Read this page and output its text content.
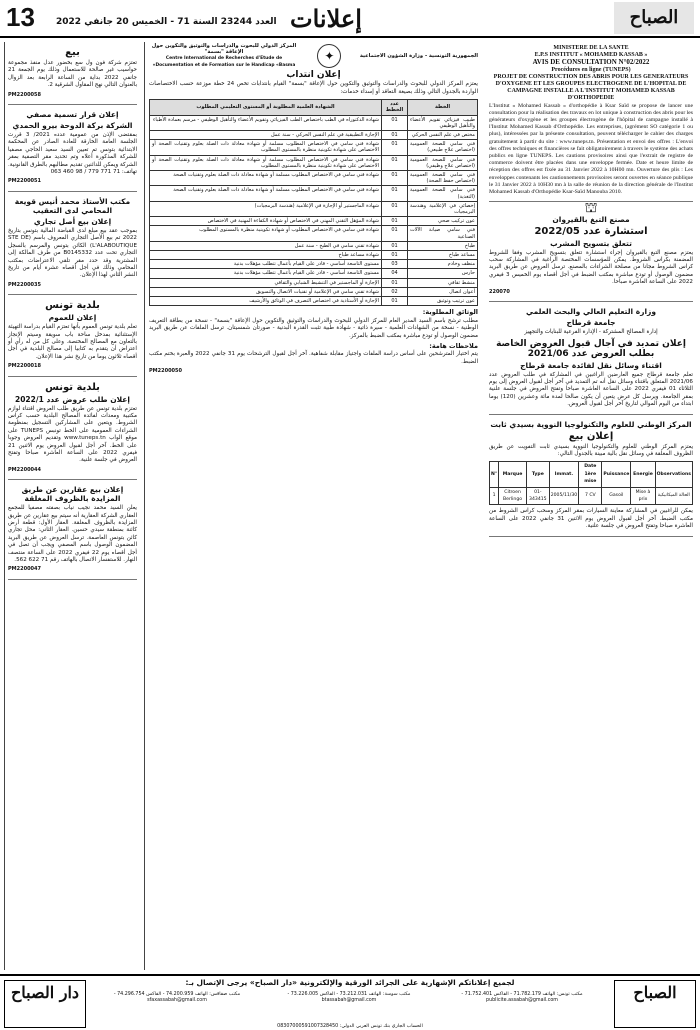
13 العدد 23244 السنة 71 - الخميس 20 جانفي 2022 إعلانات	الصباح
بيع

تعتزم شركة فون ول سع بخضور عدل منفذ مجموعة حواسيب غير صالحة للاستعمال وذلك يوم الجمعة 21 جانفي 2022 بداية من الساعة الرابعة بعد الزوال بالعنوان التالي نهج المقاول الشرقية 2.

PM2200058
إعلان قرار تسمية مصفي
الشركة بركة الدوحة بيرو الحمدي

بمقتضى الإذن من عمومية عدده 2021/ 3 قررت الجلسة العامة الخارقة للعادة الصادر عن المحكمة الابتدائية بتونس تم تعيين السيد سعيد الحاجي مصفيا للشركة المذكورة أعلاه وتم تحديد مقر التصفية بمقر الشركة ويمكن للدائنين تقديم مطالبهم بالطرق القانونية. تهاتف: 71 771 779 / 98 460 063

PM2200051
مكتب الأستاذ محمد أنيس قويعة المحامي لدى التعقيب
إعلان بيع أصل تجاري

بموجب عقد بيع مبلغ لدى القباضة المالية بتونس بتاريخ 2022 تم بيع الأصل التجاري المعروف باسم (STE DE L'ALABOUTIQUE) الكائن بتونس والمرسم بالسجل التجاري تحت عدد B0145332 من طرف المالكة إلى المشترية وقد حدد مقر تلقي الاعتراضات بمكتب المحامي وذلك في أجل أقصاه عشرة أيام من تاريخ النشر الثاني لهذا الإعلان.

PM2200035
بلدية تونس
إعلان للعموم

تعلم بلدية تونس العموم بأنها تعتزم القيام بدراسة التهيئة الإستثنائية بمدخل ساحة باب سويقة وسيتم الإنجاز بالتعاون مع المصالح المختصة. وعلى كل من له رأي أو اعتراض أن يتقدم به كتابيا إلى مصالح البلدية في أجل أقصاه ثلاثون يوما من تاريخ نشر هذا الإعلان.

PM2200018
بلدية تونس
إعلان طلب عروض عدد 2022/1

تعتزم بلدية تونس عن طريق طلب العروض اقتناء لوازم مكتبية ومعدات لفائدة المصالح البلدية حسب كراس الشروط. ويتعين على المشاركين التسجيل بمنظومة الشراءات العمومية على الخط تونبس TUNEPS على موقع الواب www.tuneps.tn وتقديم العروض وجوبا على الخط. آخر أجل لقبول العروض يوم الاثنين 21 فيفري 2022 على الساعة العاشرة صباحا وتفتح العروض في جلسة علنية.

PM2200044
إعلان بيع عقارين عن طريق المزايدة بالظروف المغلقة

يعلن السيد محمد نجيب نياب بصفته مصفيا للمجمع العقاري الشركة العقارية أنه سيتم بيع عقارين عن طريق المزايدة بالظروف المغلقة. العقار الأول: قطعة أرض كائنة بمنطقة سيدي حسين. العقار الثاني: محل تجاري كائن بتونس العاصمة. ترسل العروض عن طريق البريد المضمون الوصول باسم المصفي ويجب أن تصل في أجل أقصاه يوم 22 فيفري 2022 على الساعة منتصف النهار. للاستفسار الاتصال بالهاتف رقم 71 622 562.

PM2200047
الجمهورية التونسية - وزارة الشؤون الاجتماعية
✦
المركز الدولي للبحوث والدراسات والتوثيق والتكوين حول الإعاقة "بسمة"
Centre International de Recherches d'Etude de Documentation et de Formation sur le Handicap «Basma»
إعلان انتداب

يعتزم المركز الدولي للبحوث والدراسات والتوثيق والتكوين حول الإعاقة "بسمة" القيام بانتدابات تخص 24 خطة موزعة حسب الاختصاصات الواردة بالجدول التالي وذلك بصيغة التعاقد أو إسداء خدمات:

الخطة	عدد الخطط	الشهادة العلمية المطلوبة أو المستوى التعليمي المطلوب
طبيب فيزيائي تقويم الأعضاء والتأهيل الوظيفي	01	شهادة الدكتوراه في الطب باختصاص الطب الفيزيائي وتقويم الأعضاء والتأهيل الوظيفي - مرسم بعمادة الأطباء
مختص في علم النفس الحركي	01	الإجازة التطبيقية في علم النفس الحركي - سنة عمل
فني سامي للصحة العمومية (اختصاص علاج طبيعي)	01	شهادة فني سامي في الاختصاص المطلوب مسلمة أو شهادة معادلة ذات الصلة بعلوم وتقنيات الصحة أو الاختصاص على شهادة تكوينية منظرة بالمستوى المطلوب
فني سامي للصحة العمومية (اختصاص علاج وظيفي)	01	شهادة فني سامي في الاختصاص المطلوب مسلمة أو شهادة معادلة ذات الصلة بعلوم وتقنيات الصحة أو الاختصاص على شهادة تكوينية منظرة بالمستوى المطلوب
فني سامي للصحة العمومية (اختصاص حفظ الصحة)	01	شهادة فني سامي في الاختصاص المطلوب مسلمة أو شهادة معادلة ذات الصلة بعلوم وتقنيات الصحة
فني سامي للصحة العمومية (التغذية)	01	شهادة فني سامي في الاختصاص المطلوب مسلمة أو شهادة معادلة ذات الصلة بعلوم وتقنيات الصحة
إخصائي في الإعلامية وهندسة البرمجيات	01	شهادة الماجستير أو الإجازة في الإعلامية (هندسة البرمجيات)
عون تركيب صحي	01	شهادة المؤهل التقني المهني في الاختصاص أو شهادة الكفاءة المهنية في الاختصاص
فني سامي صيانة الآلات الصناعية	01	شهادة فني سامي في الاختصاص المطلوب أو شهادة تكوينية منظرة بالمستوى المطلوب
طباخ	01	شهادة تقني سامي في الطبخ - سنة عمل
مساعد طباخ	01	شهادة مساعد طباخ
منظف وخادم	03	مستوى التاسعة أساسي - قادر على القيام بأعمال تتطلب مؤهلات بدنية
حارس	04	مستوى التاسعة أساسي - قادر على القيام بأعمال تتطلب مؤهلات بدنية
منشط ثقافي	01	الإجازة أو الماجستير في التنشيط الشبابي والثقافي
أعوان اتصال	02	شهادة تقني سامي في الإعلامية أو تقنيات الاتصال والتسويق
عون ترتيب وتوثيق	01	الإجازة أو الأستاذية في اختصاص التصرف في الوثائق والأرشيف
الوثائق المطلوبة:

مطلب ترشح باسم السيد المدير العام للمركز الدولي للبحوث والدراسات والتوثيق والتكوين حول الإعاقة "بسمة" - نسخة من بطاقة التعريف الوطنية - نسخة من الشهادات العلمية - سيرة ذاتية - شهادة طبية تثبت القدرة البدنية - صورتان شمسيتان. ترسل الملفات عن طريق البريد مضمون الوصول أو تودع مباشرة بمكتب الضبط بالمركز.

ملاحظات هامة:

يتم اختيار المترشحين على أساس دراسة الملفات واجتياز مقابلة شفاهية. آخر أجل لقبول الترشحات يوم 31 جانفي 2022 والعبرة بختم مكتب الضبط.

PM2200050
MINISTERE DE LA SANTE
E.P.S INSTITUT « MOHAMED KASSAB »
AVIS DE CONSULTATION N°02/2022
Procédures en ligne (TUNEPS)
PROJET DE CONSTRUCTION DES ABRIS POUR LES GENERATEURS D'OXYGENE ET LES GROUPES ELECTROGENE DE L'HOPITAL DE CAMPAGNE INSTALLE A L'INSTITUT MOHAMED KASSAB D'ORTHOPEDIE

L'Institut « Mohamed Kassab » d'orthopédie à Ksar Saïd se propose de lancer une consultation pour la réalisation des travaux en lot unique à construction des abris pour les générateurs d'oxygène et les groupes électrogène de l'hôpital de campagne installé à l'Institut Mohamed Kassab d'Orthopédie. Les entreprises, (agrément SO catégorie 1 ou plus), intéressées par la présente consultation, peuvent télécharger le cahier des charges gratuitement à partir du site : www.tuneps.tn. Présentation et envoi des offres : L'envoi des offres techniques et financières se fait obligatoirement à travers le système des achats publics en ligne TUNEPS. Les cautions provisoires ainsi que l'extrait de registre de commerce doivent être placées dans une enveloppe fermée. Date et heure limite de réception des offres est fixée au 31 Janvier 2022 à 10H00 mn. Ouverture des plis : Les enveloppes contenants les cautionnements provisoires seront ouvertes en séance publique le 31 Janvier 2022 à 10H30 mn à la salle de réunion de la direction générale de l'Institut Mohamed Kassab d'Orthopédie Ksar-Saïd Manouba 2010.

⛫
مصنع التبغ بالقيروان
استشارة عدد 2022/05
تتعلق بتسويح المشرب

يعتزم مصنع التبغ بالقيروان إجراء استشارة تتعلق بتسويح المشرب وفقا للشروط المضمنة بكراس الشروط. يمكن للمؤسسات المختصة الراغبة في المشاركة سحب كراس الشروط مجانا من مصلحة الشراءات بالمصنع. ترسل العروض عن طريق البريد مضمون الوصول أو تودع مباشرة بمكتب الضبط في أجل أقصاه يوم الخميس 3 فيفري 2022 على الساعة العاشرة صباحا.

220070
وزارة التعليم العالي والبحث العلمي
جامعة قرطاج

إدارة المصالح المشتركة - الإدارة الفرعية للبنايات والتجهيز

إعلان تمديد في آجال قبول العروض الخاصة بطلب العروض عدد 2021/06
اقتناء وسائل نقل لفائدة جامعة قرطاج

تعلم جامعة قرطاج جميع العارضين الراغبين في المشاركة في طلب العروض عدد 2021/06 المتعلق باقتناء وسائل نقل أنه تم التمديد في آخر أجل لقبول العروض إلى يوم الثلاثاء 01 فيفري 2022 على الساعة العاشرة صباحا وتفتح العروض في جلسة علنية بمقر الجامعة. ويرسل كل عرض يتعين أن يكون صالحا لمدة مائة وعشرين (120) يوما ابتداء من اليوم الموالي لتاريخ آخر أجل لقبول العروض.

المركز الوطني للعلوم والتكنولوجيا النووية بسيدي ثابت
إعلان بيع

يعتزم المركز الوطني للعلوم والتكنولوجيا النووية بسيدي ثابت التفويت عن طريق الظروف المغلقة في وسائل نقل بالية مبينة بالجدول التالي:

N°	Marque	Type	Immat.	Date 1ère mise	Puissance	Energie	Observations
1	Citroen Berlingo	01-343415	2005/11/30	7 CV	Gasoil	Mise à prix	الحالة الميكانيكية

يمكن للراغبين في المشاركة معاينة السيارات بمقر المركز وسحب كراس الشروط من مكتب الضبط. آخر أجل لقبول العروض يوم الاثنين 31 جانفي 2022 على الساعة العاشرة صباحا وتفتح العروض في جلسة علنية.

لجميع إعلاناتكم الإشهارية على الجرائد الورقية والإلكترونية «دار الصباح» يرجى الإتصال بـ:
دار الصباح	الصباح
مكتب صفاقس: الهاتف 74.200.959 - الفاكس 74.296.754 - sfaxassabah@gmail.com
مكتب سوسة: الهاتف 73.212.031 - الفاكس 73.226.005 - btassabah@gmail.com
مكتب تونس: الهاتف 71.782.179 - الفاكس 71.752.401 - publicite.assabah@gmail.com
الحساب الجاري بنك تونس العربي الدولي: 08307000591007328450
